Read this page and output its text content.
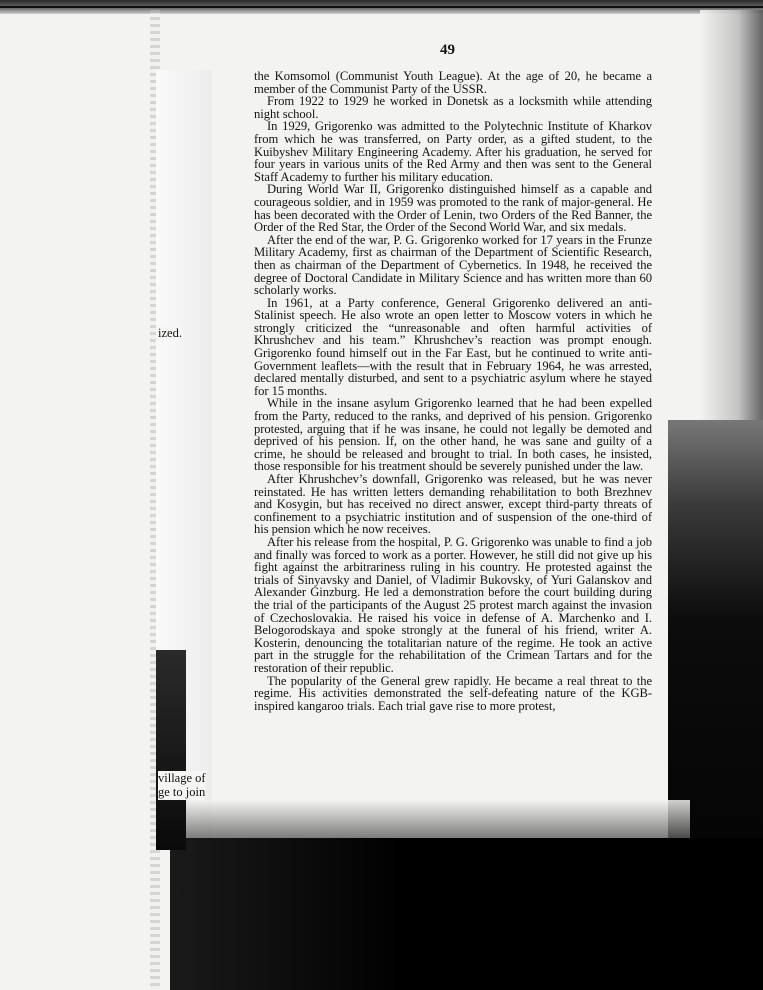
ized.
village of
ge to join
49

the Komsomol (Communist Youth League). At the age of 20, he became a member of the Communist Party of the USSR.

From 1922 to 1929 he worked in Donetsk as a locksmith while attending night school.

In 1929, Grigorenko was admitted to the Polytechnic Institute of Kharkov from which he was transferred, on Party order, as a gifted student, to the Kuibyshev Military Engineering Academy. After his graduation, he served for four years in various units of the Red Army and then was sent to the General Staff Academy to further his military education.

During World War II, Grigorenko distinguished himself as a capable and courageous soldier, and in 1959 was promoted to the rank of major-general. He has been decorated with the Order of Lenin, two Orders of the Red Banner, the Order of the Red Star, the Order of the Second World War, and six medals.

After the end of the war, P. G. Grigorenko worked for 17 years in the Frunze Military Academy, first as chairman of the Department of Scientific Research, then as chairman of the Department of Cybernetics. In 1948, he received the degree of Doctoral Candidate in Military Science and has written more than 60 scholarly works.

In 1961, at a Party conference, General Grigorenko delivered an anti-Stalinist speech. He also wrote an open letter to Moscow voters in which he strongly criticized the “unreasonable and often harmful activities of Khrushchev and his team.” Khrushchev’s reaction was prompt enough. Grigorenko found himself out in the Far East, but he continued to write anti-Government leaflets—with the result that in February 1964, he was arrested, declared mentally disturbed, and sent to a psychiatric asylum where he stayed for 15 months.

While in the insane asylum Grigorenko learned that he had been expelled from the Party, reduced to the ranks, and deprived of his pension. Grigorenko protested, arguing that if he was insane, he could not legally be demoted and deprived of his pension. If, on the other hand, he was sane and guilty of a crime, he should be released and brought to trial. In both cases, he insisted, those responsible for his treatment should be severely punished under the law.

After Khrushchev’s downfall, Grigorenko was released, but he was never reinstated. He has written letters demanding rehabilitation to both Brezhnev and Kosygin, but has received no direct answer, except third-party threats of confinement to a psychiatric institution and of suspension of the one-third of his pension which he now receives.

After his release from the hospital, P. G. Grigorenko was unable to find a job and finally was forced to work as a porter. However, he still did not give up his fight against the arbitrariness ruling in his country. He protested against the trials of Sinyavsky and Daniel, of Vladimir Bukovsky, of Yuri Galanskov and Alexander Ginzburg. He led a demonstration before the court building during the trial of the participants of the August 25 protest march against the invasion of Czechoslovakia. He raised his voice in defense of A. Marchenko and I. Belogorodskaya and spoke strongly at the funeral of his friend, writer A. Kosterin, denouncing the totalitarian nature of the regime. He took an active part in the struggle for the rehabilitation of the Crimean Tartars and for the restoration of their republic.

The popularity of the General grew rapidly. He became a real threat to the regime. His activities demonstrated the self-defeating nature of the KGB-inspired kangaroo trials. Each trial gave rise to more protest,
